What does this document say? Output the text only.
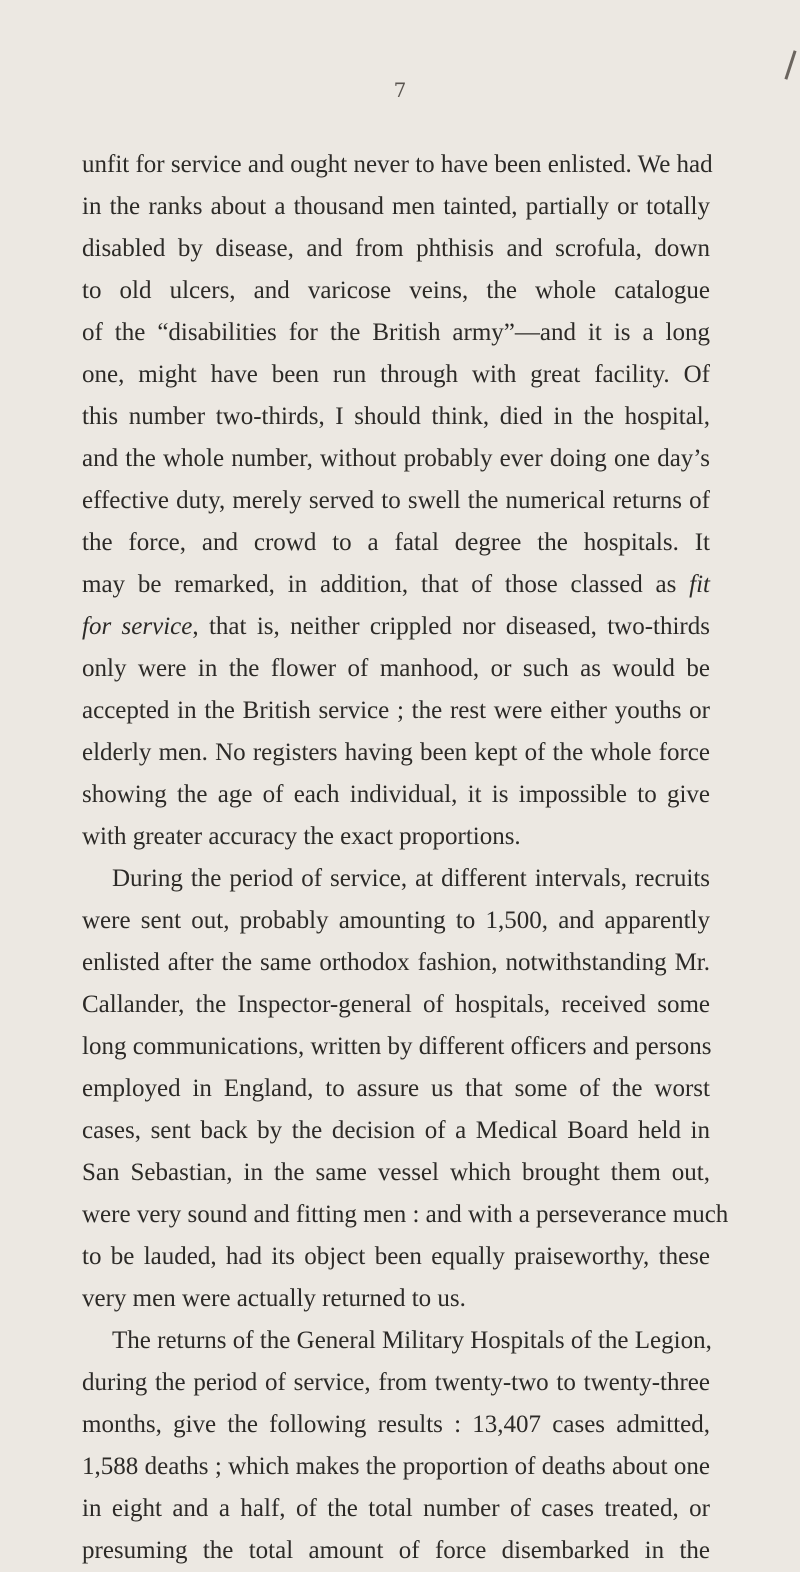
7
unfit for service and ought never to have been enlisted. We had
in the ranks about a thousand men tainted, partially or totally
disabled by disease, and from phthisis and scrofula, down
to old ulcers, and varicose veins, the whole catalogue
of the “disabilities for the British army”—and it is a long
one, might have been run through with great facility. Of
this number two-thirds, I should think, died in the hospital,
and the whole number, without probably ever doing one day’s
effective duty, merely served to swell the numerical returns of
the force, and crowd to a fatal degree the hospitals. It
may be remarked, in addition, that of those classed as fit
for service, that is, neither crippled nor diseased, two-thirds
only were in the flower of manhood, or such as would be
accepted in the British service ; the rest were either youths or
elderly men. No registers having been kept of the whole force
showing the age of each individual, it is impossible to give
with greater accuracy the exact proportions.
During the period of service, at different intervals, recruits
were sent out, probably amounting to 1,500, and apparently
enlisted after the same orthodox fashion, notwithstanding Mr.
Callander, the Inspector-general of hospitals, received some
long communications, written by different officers and persons
employed in England, to assure us that some of the worst
cases, sent back by the decision of a Medical Board held in
San Sebastian, in the same vessel which brought them out,
were very sound and fitting men : and with a perseverance much
to be lauded, had its object been equally praiseworthy, these
very men were actually returned to us.
The returns of the General Military Hospitals of the Legion,
during the period of service, from twenty-two to twenty-three
months, give the following results : 13,407 cases admitted,
1,588 deaths ; which makes the proportion of deaths about one
in eight and a half, of the total number of cases treated, or
presuming the total amount of force disembarked in the
